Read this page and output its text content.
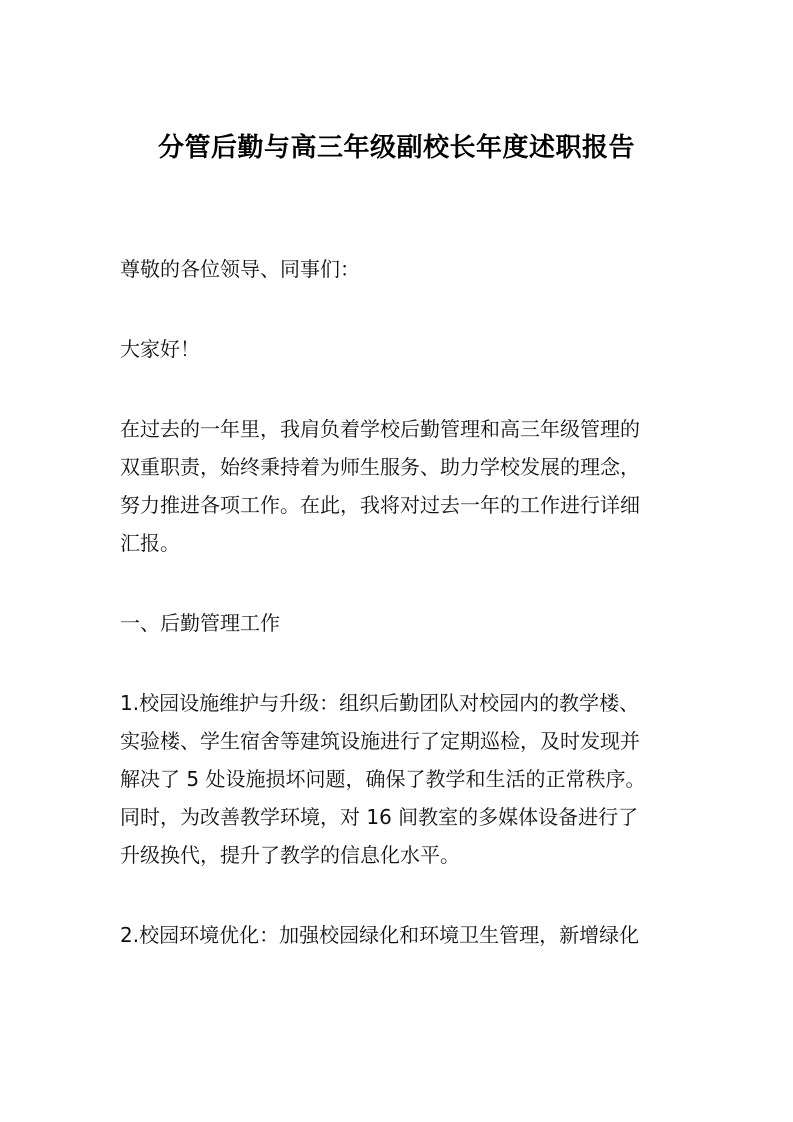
分管后勤与高三年级副校长年度述职报告

尊敬的各位领导、同事们：

大家好！

在过去的一年里，我肩负着学校后勤管理和高三年级管理的
双重职责，始终秉持着为师生服务、助力学校发展的理念，
努力推进各项工作。在此，我将对过去一年的工作进行详细
汇报。

一、后勤管理工作

1.校园设施维护与升级：组织后勤团队对校园内的教学楼、
实验楼、学生宿舍等建筑设施进行了定期巡检，及时发现并
解决了 5 处设施损坏问题，确保了教学和生活的正常秩序。
同时，为改善教学环境，对 16 间教室的多媒体设备进行了
升级换代，提升了教学的信息化水平。

2.校园环境优化：加强校园绿化和环境卫生管理，新增绿化
